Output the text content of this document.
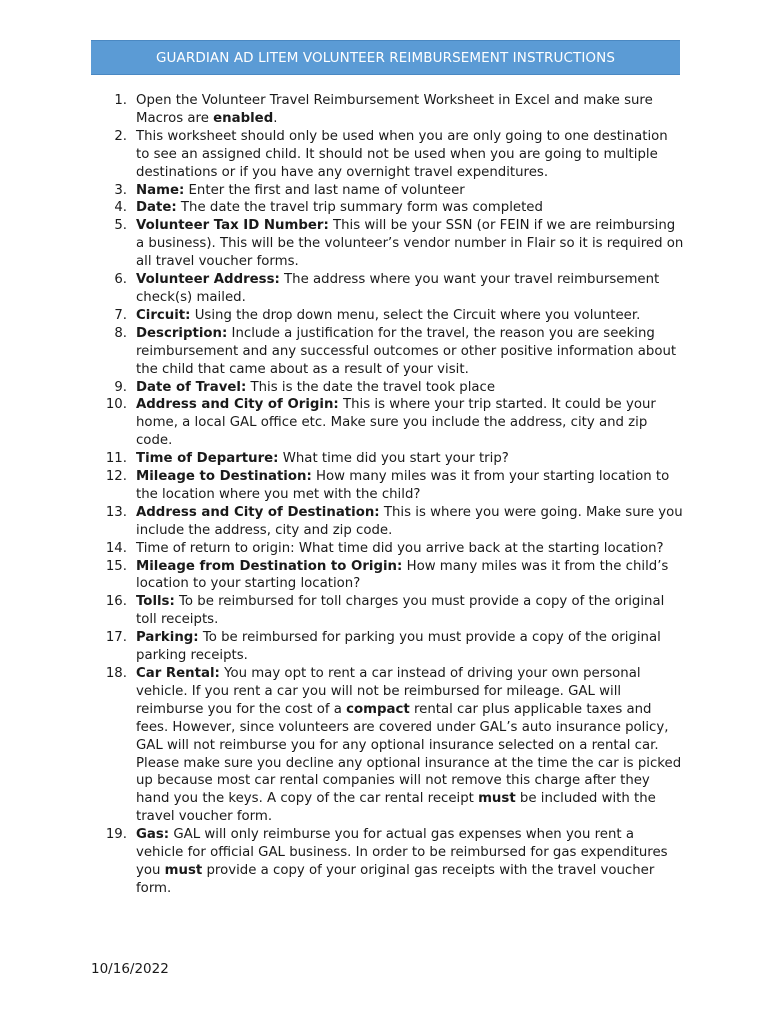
GUARDIAN AD LITEM VOLUNTEER REIMBURSEMENT INSTRUCTIONS
1. Open the Volunteer Travel Reimbursement Worksheet in Excel and make sure Macros are enabled.
2. This worksheet should only be used when you are only going to one destination to see an assigned child. It should not be used when you are going to multiple destinations or if you have any overnight travel expenditures.
3. Name: Enter the first and last name of volunteer
4. Date: The date the travel trip summary form was completed
5. Volunteer Tax ID Number: This will be your SSN (or FEIN if we are reimbursing a business). This will be the volunteer’s vendor number in Flair so it is required on all travel voucher forms.
6. Volunteer Address: The address where you want your travel reimbursement check(s) mailed.
7. Circuit: Using the drop down menu, select the Circuit where you volunteer.
8. Description: Include a justification for the travel, the reason you are seeking reimbursement and any successful outcomes or other positive information about the child that came about as a result of your visit.
9. Date of Travel: This is the date the travel took place
10. Address and City of Origin: This is where your trip started. It could be your home, a local GAL office etc. Make sure you include the address, city and zip code.
11. Time of Departure: What time did you start your trip?
12. Mileage to Destination: How many miles was it from your starting location to the location where you met with the child?
13. Address and City of Destination: This is where you were going. Make sure you include the address, city and zip code.
14. Time of return to origin: What time did you arrive back at the starting location?
15. Mileage from Destination to Origin: How many miles was it from the child’s location to your starting location?
16. Tolls: To be reimbursed for toll charges you must provide a copy of the original toll receipts.
17. Parking: To be reimbursed for parking you must provide a copy of the original parking receipts.
18. Car Rental: You may opt to rent a car instead of driving your own personal vehicle. If you rent a car you will not be reimbursed for mileage. GAL will reimburse you for the cost of a compact rental car plus applicable taxes and fees. However, since volunteers are covered under GAL’s auto insurance policy, GAL will not reimburse you for any optional insurance selected on a rental car. Please make sure you decline any optional insurance at the time the car is picked up because most car rental companies will not remove this charge after they hand you the keys. A copy of the car rental receipt must be included with the travel voucher form.
19. Gas: GAL will only reimburse you for actual gas expenses when you rent a vehicle for official GAL business. In order to be reimbursed for gas expenditures you must provide a copy of your original gas receipts with the travel voucher form.
10/16/2022
